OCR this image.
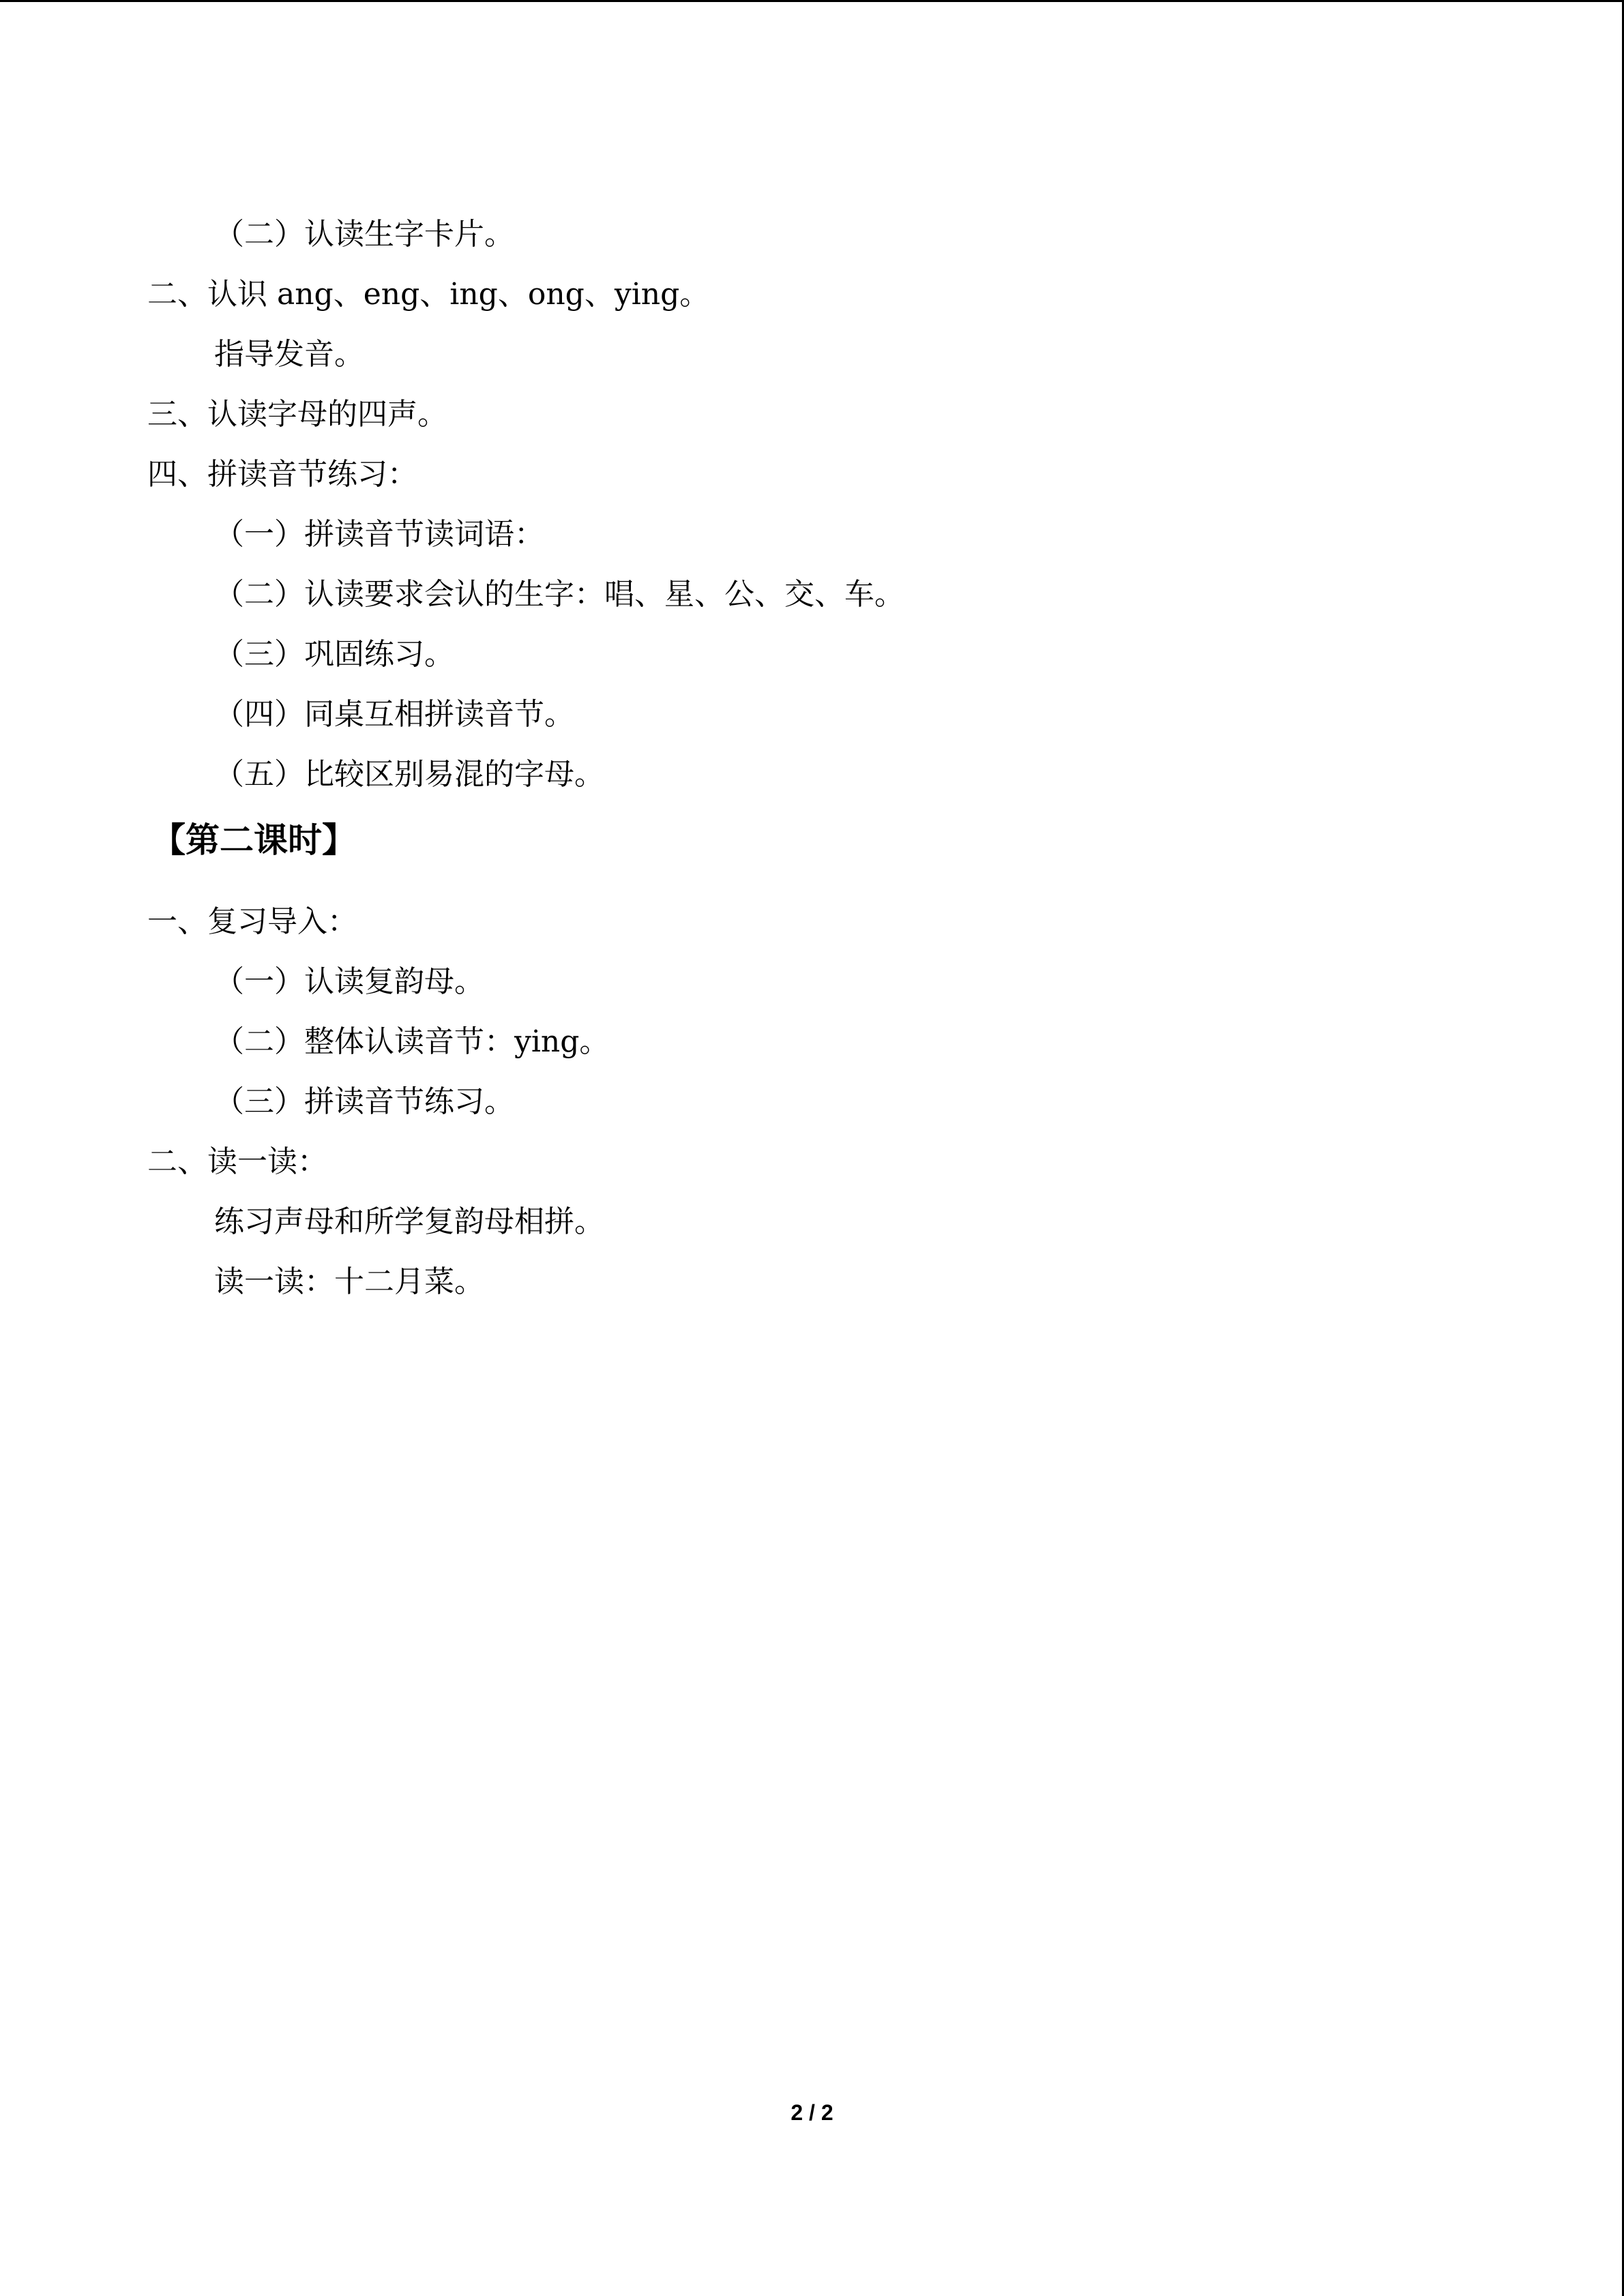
（二）认读生字卡片。
二、认识 ang、eng、ing、ong、ying。
指导发音。
三、认读字母的四声。
四、拼读音节练习：
（一）拼读音节读词语：
（二）认读要求会认的生字：唱、星、公、交、车。
（三）巩固练习。
（四）同桌互相拼读音节。
（五）比较区别易混的字母。
【第二课时】
一、复习导入：
（一）认读复韵母。
（二）整体认读音节：ying。
（三）拼读音节练习。
二、读一读：
练习声母和所学复韵母相拼。
读一读：十二月菜。
2 / 2
